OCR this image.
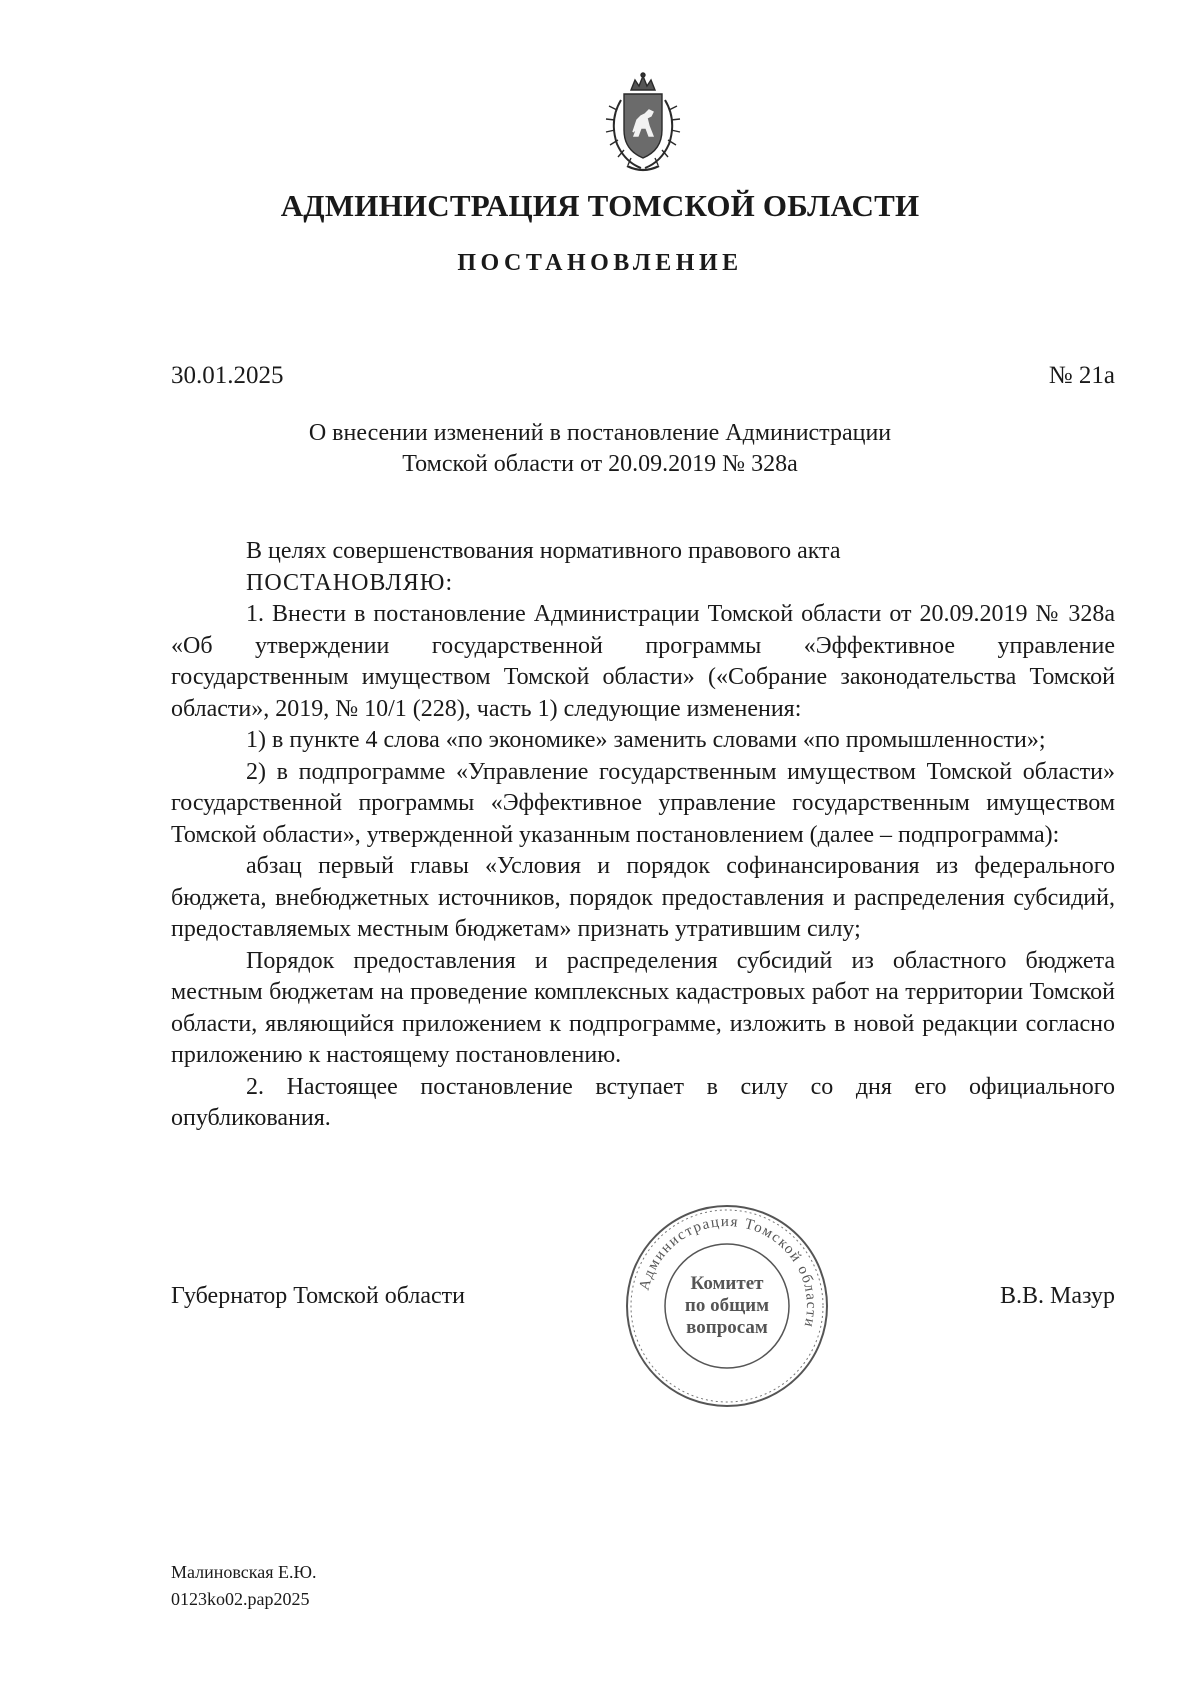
АДМИНИСТРАЦИЯ ТОМСКОЙ ОБЛАСТИ
ПОСТАНОВЛЕНИЕ
30.01.2025	№ 21а
О внесении изменений в постановление Администрации
Томской области от 20.09.2019 № 328а

В целях совершенствования нормативного правового акта

ПОСТАНОВЛЯЮ:

1. Внести в постановление Администрации Томской области от 20.09.2019 № 328а «Об утверждении государственной программы «Эффективное управление государственным имуществом Томской области» («Собрание законодательства Томской области», 2019, № 10/1 (228), часть 1) следующие изменения:

1) в пункте 4 слова «по экономике» заменить словами «по промышленности»;

2) в подпрограмме «Управление государственным имуществом Томской области» государственной программы «Эффективное управление государственным имуществом Томской области», утвержденной указанным постановлением (далее – подпрограмма):

абзац первый главы «Условия и порядок софинансирования из федерального бюджета, внебюджетных источников, порядок предоставления и распределения субсидий, предоставляемых местным бюджетам» признать утратившим силу;

Порядок предоставления и распределения субсидий из областного бюджета местным бюджетам на проведение комплексных кадастровых работ на территории Томской области, являющийся приложением к подпрограмме, изложить в новой редакции согласно приложению к настоящему постановлению.

2. Настоящее постановление вступает в силу со дня его официального опубликования.

Губернатор Томской области	Администрация Томской области
Комитет
по общим
вопросам
В.В. Мазур
Малиновская Е.Ю.
0123ko02.pap2025
